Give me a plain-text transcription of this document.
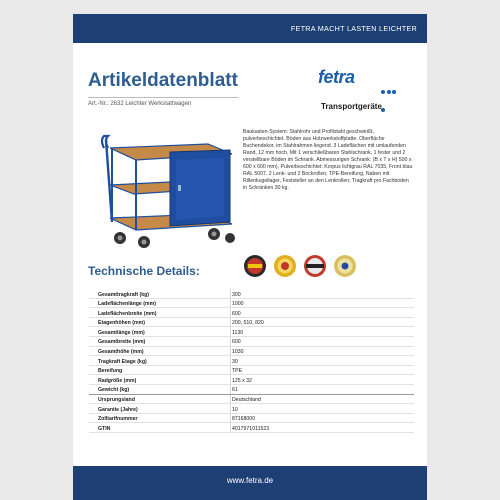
FETRA MACHT LASTEN LEICHTER
Artikeldatenblatt
Art.-Nr.: 2632 Leichter Werkstattwagen
fetra
Transportgeräte
Baukasten-System: Stahlrohr und Profilstahl geschweißt, pulverbeschichtet. Böden aus Holzwerkstoffplatte. Oberfläche Buchendekor, im Stahlrahmen liegend. 3 Ladeflächen mit umlaufenden Rand, 12 mm hoch. Mit 1 verschließbaren Stahlschrank, 1 fester und 2 verstellbare Böden im Schrank. Abmessungen Schrank: (B x T x H) 500 x 600 x 600 mm), Pulverbeschichtet: Korpus lichtgrau RAL 7035, Front blau RAL 5007. 2 Lenk- und 2 Bockrollen, TPE-Bereifung, Naben mit Rillenkugellager, Feststeller an den Lenkrollen; Tragkraft pro Fachboden in Schränken 30 kg.
Technische Details:
Gesamttragkraft (kg)	300
Ladeflächenlänge (mm)	1000
Ladeflächenbreite (mm)	600
Etagenhöhen (mm)	200, 510, 820
Gesamtlänge (mm)	1130
Gesamtbreite (mm)	600
Gesamthöhe (mm)	1030
Tragkraft Etage (kg)	30
Bereifung	TPE
Radgröße (mm)	125 x 32
Gewicht (kg)	61
Ursprungsland	Deutschland
Garantie (Jahre)	10
Zolltarifnummer	87168000
GTIN	4017971011523
www.fetra.de
